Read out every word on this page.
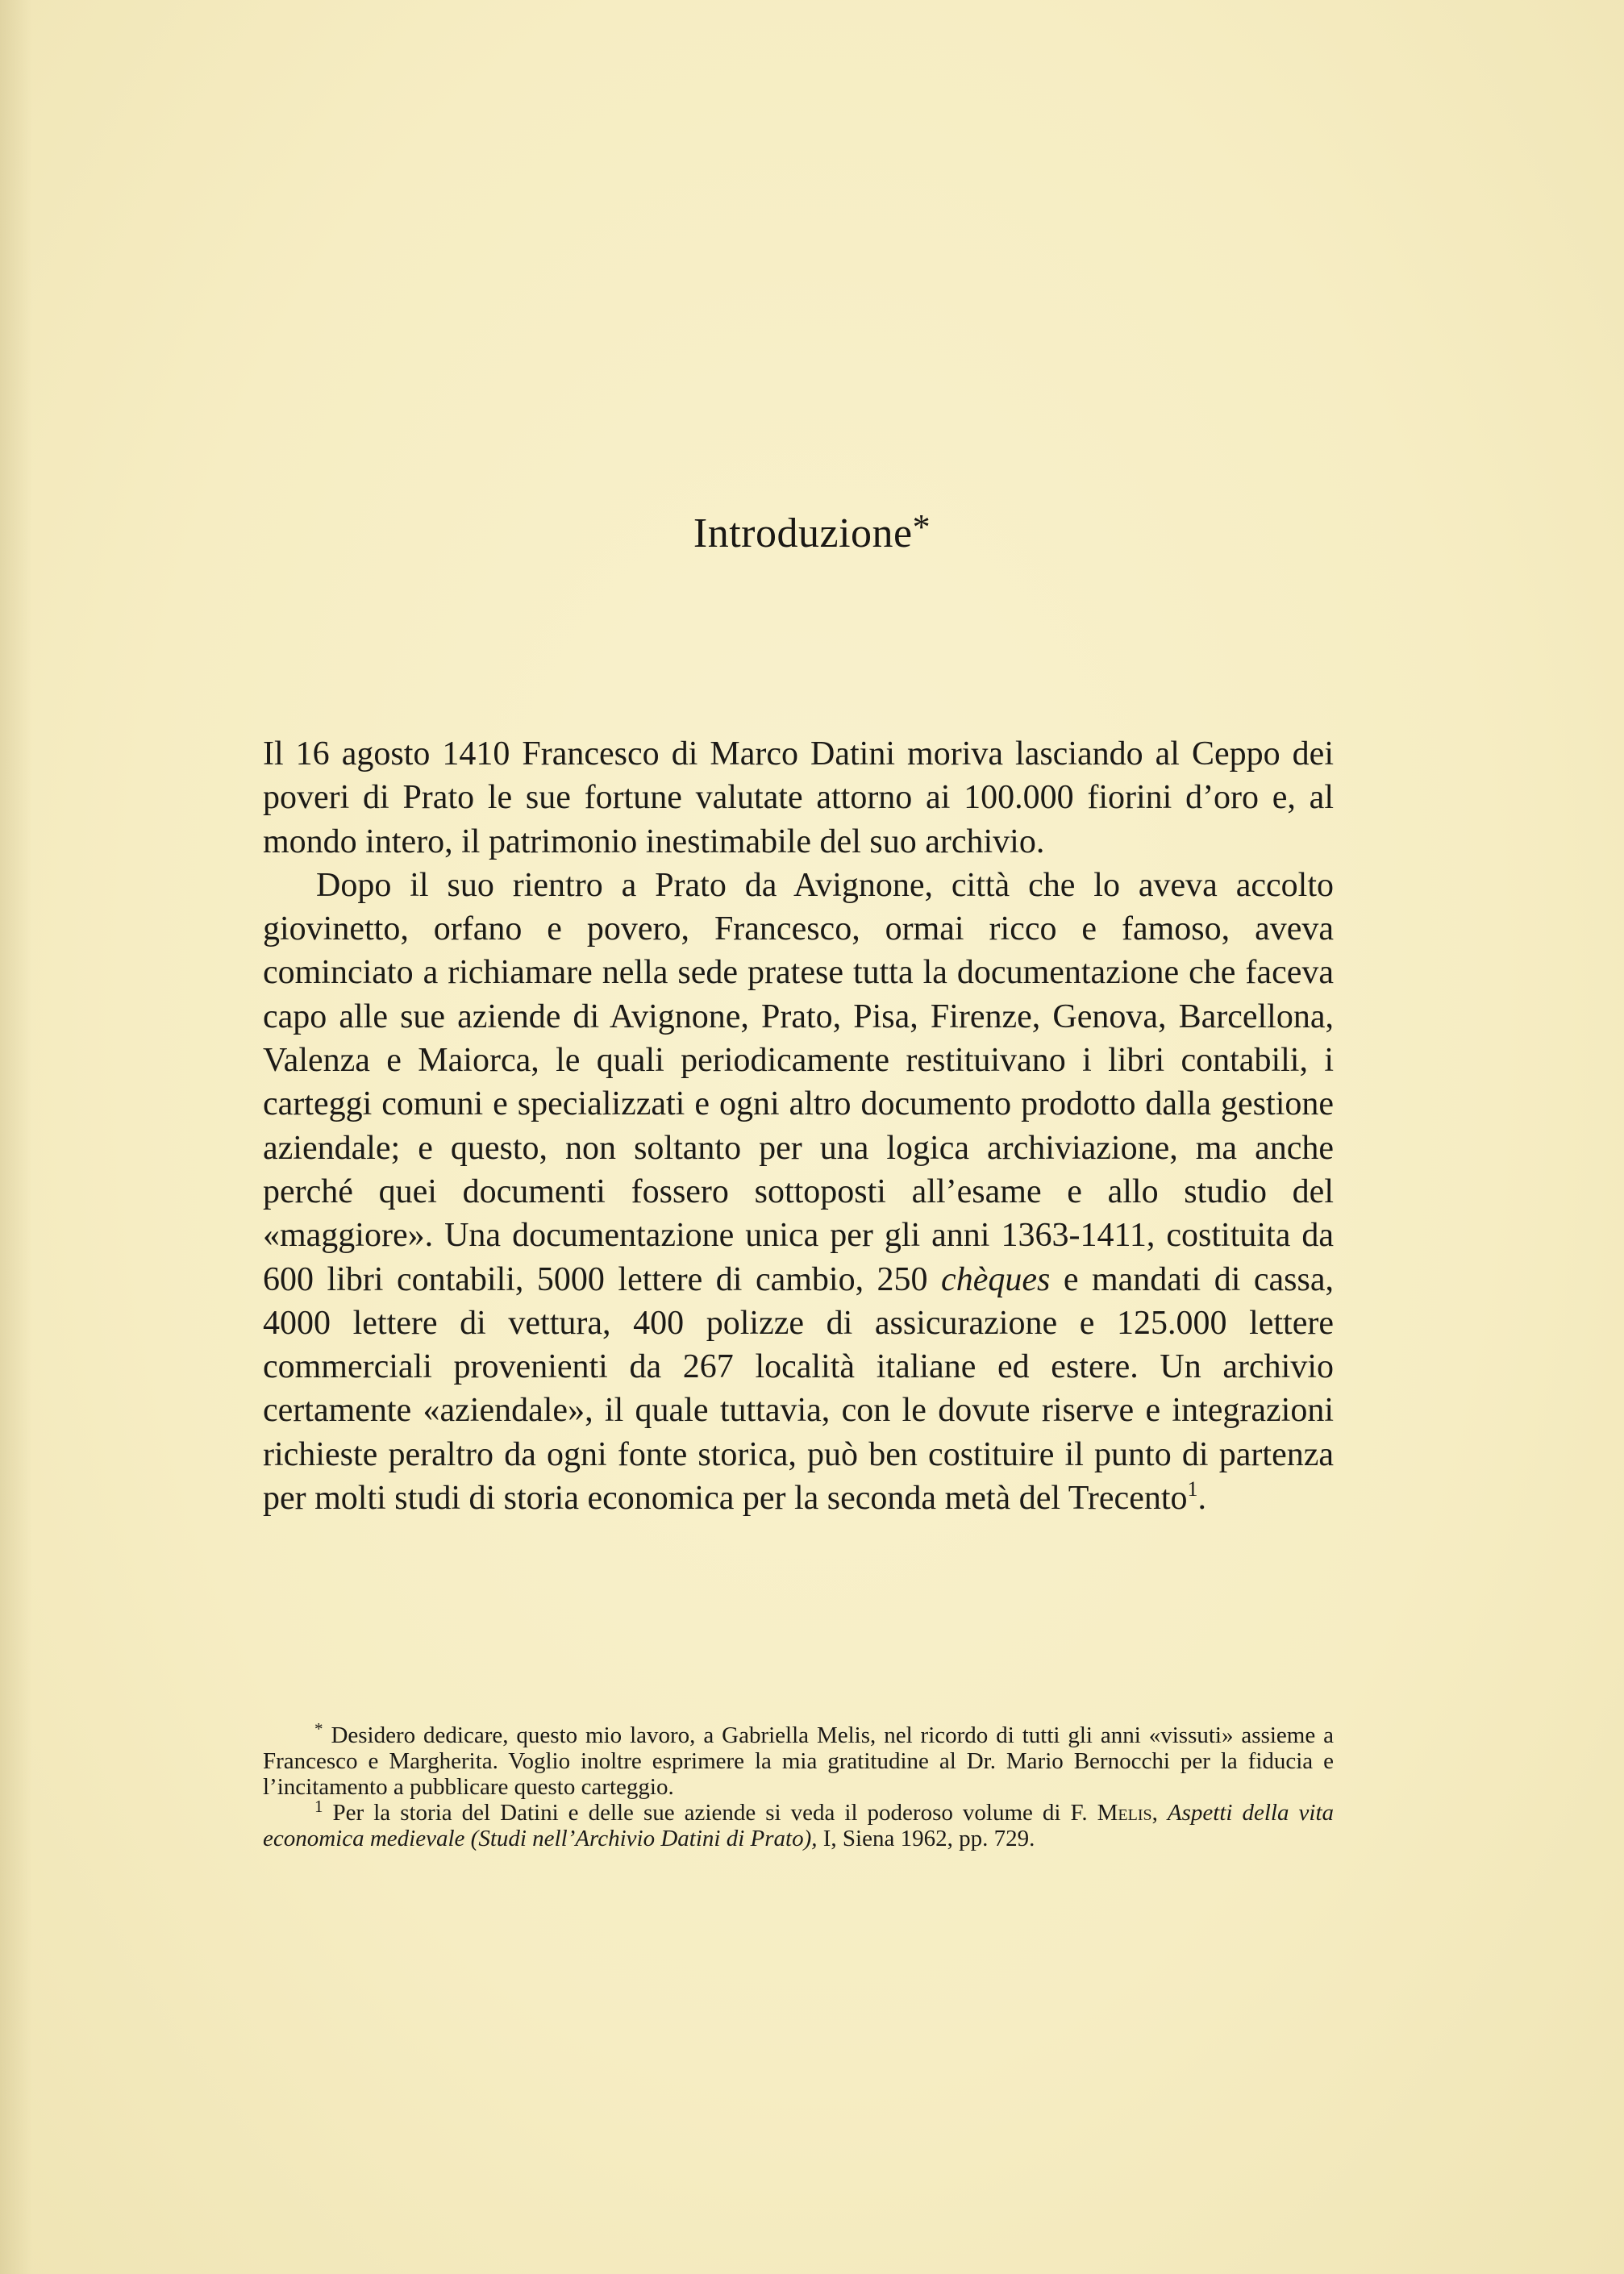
Introduzione*

Il 16 agosto 1410 Francesco di Marco Datini moriva lasciando al Ceppo dei poveri di Prato le sue fortune valutate attorno ai 100.000 fiorini d’oro e, al mondo intero, il patrimonio inestimabile del suo archivio.

Dopo il suo rientro a Prato da Avignone, città che lo aveva accolto giovinetto, orfano e povero, Francesco, ormai ricco e famoso, aveva cominciato a richiamare nella sede pratese tutta la documentazione che faceva capo alle sue aziende di Avignone, Prato, Pisa, Firenze, Genova, Barcellona, Valenza e Maiorca, le quali periodicamente restituivano i libri contabili, i carteggi comuni e specializzati e ogni altro documento prodotto dalla gestione aziendale; e questo, non soltanto per una logica archiviazione, ma anche perché quei documenti fossero sottoposti all’esame e allo studio del «maggiore». Una documentazione unica per gli anni 1363-1411, costituita da 600 libri contabili, 5000 lettere di cambio, 250 chèques e mandati di cassa, 4000 lettere di vettura, 400 polizze di assicurazione e 125.000 lettere commerciali provenienti da 267 località italiane ed estere. Un archivio certamente «aziendale», il quale tuttavia, con le dovute riserve e integrazioni richieste peraltro da ogni fonte storica, può ben costituire il punto di partenza per molti studi di storia economica per la seconda metà del Trecento$^1$.

* Desidero dedicare, questo mio lavoro, a Gabriella Melis, nel ricordo di tutti gli anni «vissuti» assieme a Francesco e Margherita. Voglio inoltre esprimere la mia gratitudine al Dr. Mario Bernocchi per la fiducia e l’incitamento a pubblicare questo carteggio.

$^1$ Per la storia del Datini e delle sue aziende si veda il poderoso volume di F. Melis, Aspetti della vita economica medievale (Studi nell’Archivio Datini di Prato), I, Siena 1962, pp. 729.
